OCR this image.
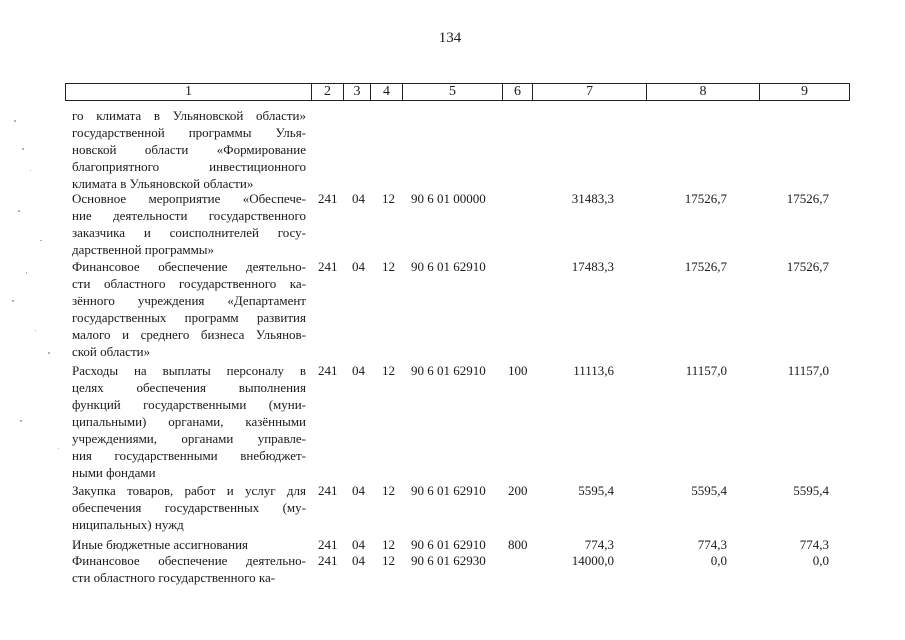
134
1	2	3	4	5	6	7	8	9
го климата в Ульяновской области»
государственной программы Улья-
новской области «Формирование
благоприятного инвестиционного
климата в Ульяновской области»
Основное мероприятие «Обеспече-
ние деятельности государственного
заказчика и соисполнителей госу-
дарственной программы»
241 04 12 90 6 01 00000	31483,3	17526,7	17526,7
Финансовое обеспечение деятельно-
сти областного государственного ка-
зённого учреждения «Департамент
государственных программ развития
малого и среднего бизнеса Ульянов-
ской области»
241 04 12 90 6 01 62910	17483,3	17526,7	17526,7
Расходы на выплаты персоналу в
целях обеспечения выполнения
функций государственными (муни-
ципальными) органами, казёнными
учреждениями, органами управле-
ния государственными внебюджет-
ными фондами
241 04 12 90 6 01 62910 100	11113,6	11157,0	11157,0
Закупка товаров, работ и услуг для
обеспечения государственных (му-
ниципальных) нужд
241 04 12 90 6 01 62910 200	5595,4	5595,4	5595,4
Иные бюджетные ассигнования	241 04 12 90 6 01 62910 800	774,3	774,3	774,3
Финансовое обеспечение деятельно-
сти областного государственного ка-
241 04 12 90 6 01 62930	14000,0	0,0	0,0
